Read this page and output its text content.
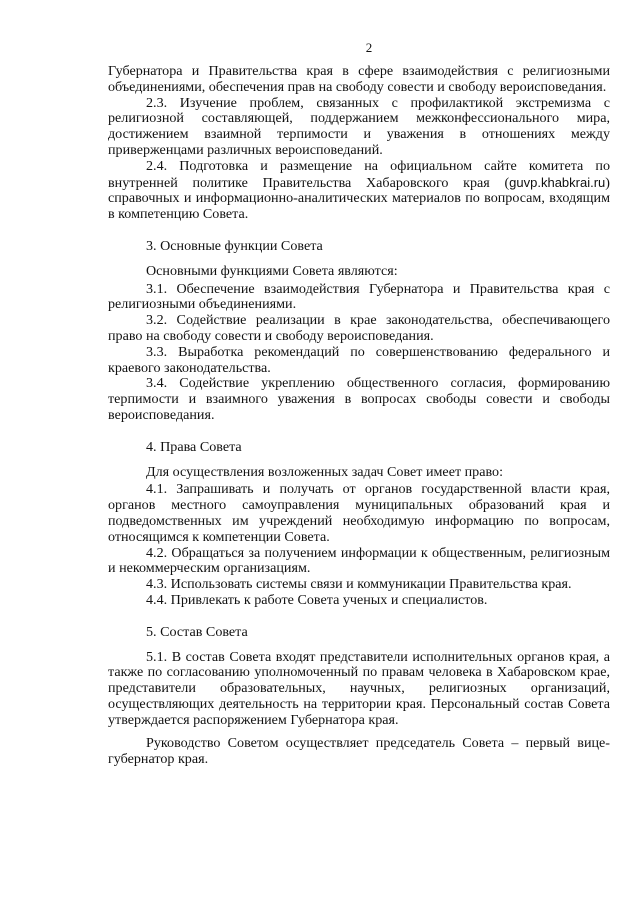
2

Губернатора и Правительства края в сфере взаимодействия с религиозными объединениями, обеспечения прав на свободу совести и свободу вероисповедания.

2.3. Изучение проблем, связанных с профилактикой экстремизма с религиозной составляющей, поддержанием межконфессионального мира, достижением взаимной терпимости и уважения в отношениях между приверженцами различных вероисповеданий.

2.4. Подготовка и размещение на официальном сайте комитета по внутренней политике Правительства Хабаровского края (guvp.khabkrai.ru) справочных и информационно-аналитических материалов по вопросам, входящим в компетенцию Совета.

3. Основные функции Совета

Основными функциями Совета являются:

3.1. Обеспечение взаимодействия Губернатора и Правительства края с религиозными объединениями.

3.2. Содействие реализации в крае законодательства, обеспечивающего право на свободу совести и свободу вероисповедания.

3.3. Выработка рекомендаций по совершенствованию федерального и краевого законодательства.

3.4. Содействие укреплению общественного согласия, формированию терпимости и взаимного уважения в вопросах свободы совести и свободы вероисповедания.

4. Права Совета

Для осуществления возложенных задач Совет имеет право:

4.1. Запрашивать и получать от органов государственной власти края, органов местного самоуправления муниципальных образований края и подведомственных им учреждений необходимую информацию по вопросам, относящимся к компетенции Совета.

4.2. Обращаться за получением информации к общественным, религиозным и некоммерческим организациям.

4.3. Использовать системы связи и коммуникации Правительства края.

4.4. Привлекать к работе Совета ученых и специалистов.

5. Состав Совета

5.1. В состав Совета входят представители исполнительных органов края, а также по согласованию уполномоченный по правам человека в Хабаровском крае, представители образовательных, научных, религиозных организаций, осуществляющих деятельность на территории края. Персональный состав Совета утверждается распоряжением Губернатора края.

Руководство Советом осуществляет председатель Совета – первый вице-губернатор края.
